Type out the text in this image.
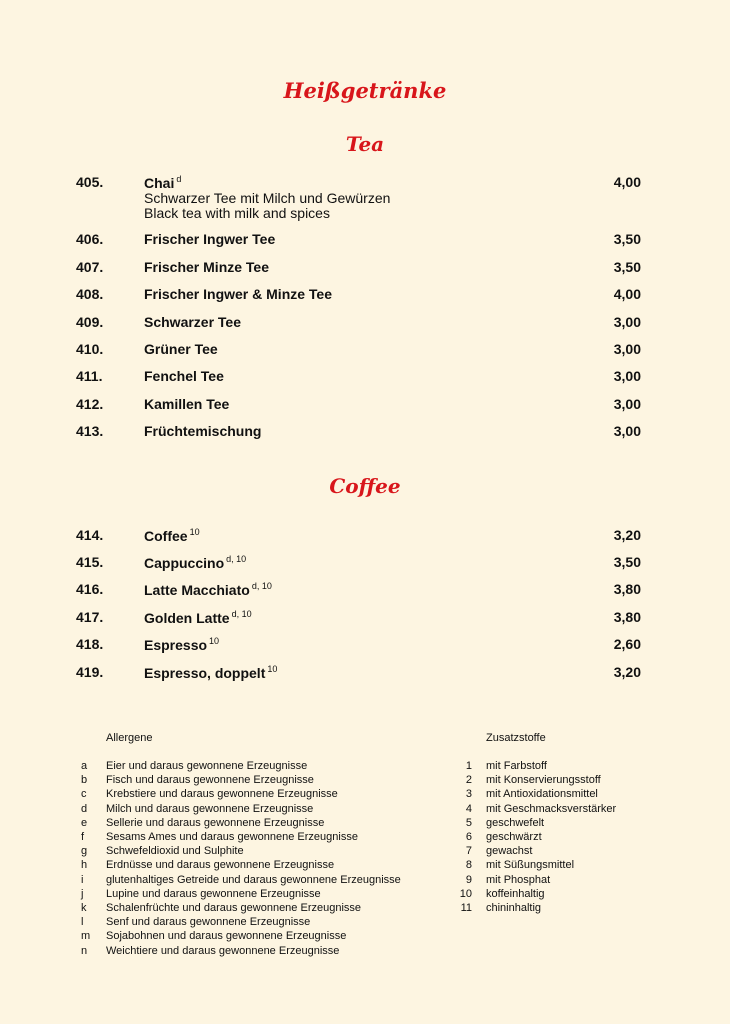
Heißgetränke
Tea
405.	Chai $^d$
Schwarzer Tee mit Milch und Gewürzen
Black tea with milk and spices
4,00
406.	Frischer Ingwer Tee	3,50
407.	Frischer Minze Tee	3,50
408.	Frischer Ingwer & Minze Tee	4,00
409.	Schwarzer Tee	3,00
410.	Grüner Tee	3,00
411.	Fenchel Tee	3,00
412.	Kamillen Tee	3,00
413.	Früchtemischung	3,00
Coffee
414.	Coffee $^{10}$	3,20
415.	Cappuccino $^{d, 10}$	3,50
416.	Latte Macchiato $^{d, 10}$	3,80
417.	Golden Latte $^{d, 10}$	3,80
418.	Espresso $^{10}$	2,60
419.	Espresso, doppelt $^{10}$	3,20
Allergene	Zusatzstoffe
a Eier und daraus gewonnene Erzeugnisse
b Fisch und daraus gewonnene Erzeugnisse
c Krebstiere und daraus gewonnene Erzeugnisse
d Milch und daraus gewonnene Erzeugnisse
e Sellerie und daraus gewonnene Erzeugnisse
f Sesams Ames und daraus gewonnene Erzeugnisse
g Schwefeldioxid und Sulphite
h Erdnüsse und daraus gewonnene Erzeugnisse
i glutenhaltiges Getreide und daraus gewonnene Erzeugnisse
j Lupine und daraus gewonnene Erzeugnisse
k Schalenfrüchte und daraus gewonnene Erzeugnisse
l Senf und daraus gewonnene Erzeugnisse
m Sojabohnen und daraus gewonnene Erzeugnisse
n Weichtiere und daraus gewonnene Erzeugnisse
1 mit Farbstoff
2 mit Konservierungsstoff
3 mit Antioxidationsmittel
4 mit Geschmacksverstärker
5 geschwefelt
6 geschwärzt
7 gewachst
8 mit Süßungsmittel
9 mit Phosphat
10 koffeinhaltig
11 chininhaltig
